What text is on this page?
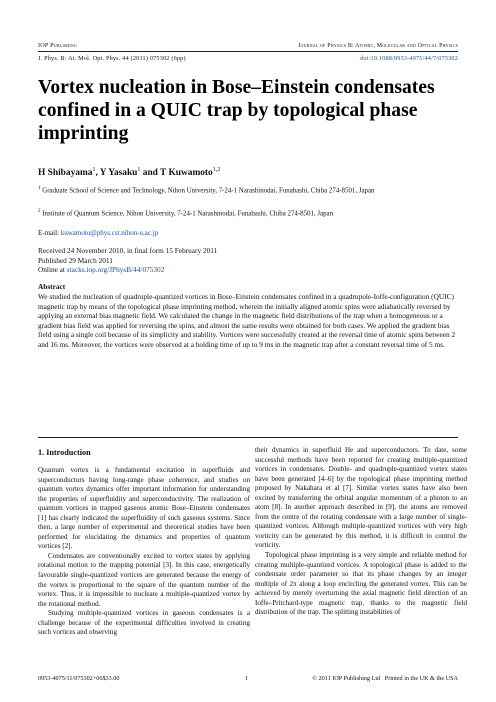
IOP Publishing	Journal of Physics B: Atomic, Molecular and Optical Physics
J. Phys. B: At. Mol. Opt. Phys. 44 (2011) 075302 (6pp)	doi:10.1088/0953-4075/44/7/075302
Vortex nucleation in Bose–Einstein condensates confined in a QUIC trap by topological phase imprinting
H Shibayama$^1$, Y Yasaku$^1$ and T Kuwamoto$^{1,2}$
$^1$ Graduate School of Science and Technology, Nihon University, 7-24-1 Narashinodai, Funabashi, Chiba 274-8501, Japan
$^2$ Institute of Quantum Science, Nihon University, 7-24-1 Narashinodai, Funabashi, Chiba 274-8501, Japan
E-mail: kuwamoto@phys.cst.nihon-u.ac.jp
Received 24 November 2010, in final form 15 February 2011
Published 29 March 2011
Online at stacks.iop.org/JPhysB/44/075302
Abstract
We studied the nucleation of quadruple-quantized vortices in Bose–Einstein condensates confined in a quadrupole-Ioffe-configuration (QUIC) magnetic trap by means of the topological phase imprinting method, wherein the initially aligned atomic spins were adiabatically reversed by applying an external bias magnetic field. We calculated the change in the magnetic field distributions of the trap when a homogeneous or a gradient bias field was applied for reversing the spins, and almost the same results were obtained for both cases. We applied the gradient bias field using a single coil because of its simplicity and stability. Vortices were successfully created at the reversal time of atomic spins between 2 and 16 ms. Moreover, the vortices were observed at a holding time of up to 9 ms in the magnetic trap after a constant reversal time of 5 ms.
1. Introduction

Quantum vortex is a fundamental excitation in superfluids and superconductors having long-range phase coherence, and studies on quantum vortex dynamics offer important information for understanding the properties of superfluidity and superconductivity. The realization of quantum vortices in trapped gaseous atomic Bose–Einstein condensates [1] has clearly indicated the superfluidity of such gaseous systems. Since then, a large number of experimental and theoretical studies have been performed for elucidating the dynamics and properties of quantum vortices [2].

Condensates are conventionally excited to vortex states by applying rotational motion to the trapping potential [3]. In this case, energetically favourable single-quantized vortices are generated because the energy of the vortex is proportional to the square of the quantum number of the vortex. Thus, it is impossible to nucleate a multiple-quantized vortex by the rotational method.

Studying multiple-quantized vortices in gaseous condensates is a challenge because of the experimental difficulties involved in creating such vortices and observing

their dynamics in superfluid He and superconductors. To date, some successful methods have been reported for creating multiple-quantized vortices in condensates. Double- and quadruple-quantized vortex states have been generated [4–6] by the topological phase imprinting method proposed by Nakahara et al [7]. Similar vortex states have also been excited by transferring the orbital angular momentum of a photon to an atom [8]. In another approach described in [9], the atoms are removed from the centre of the rotating condensate with a large number of single-quantized vortices. Although multiple-quantized vortices with very high vorticity can be generated by this method, it is difficult to control the vorticity.

Topological phase imprinting is a very simple and reliable method for creating multiple-quantized vortices. A topological phase is added to the condensate order parameter so that its phase changes by an integer multiple of 2π along a loop encircling the generated vortex. This can be achieved by merely overturning the axial magnetic field direction of an Ioffe–Pritchard-type magnetic trap, thanks to the magnetic field distribution of the trap. The splitting instabilities of

0953-4075/11/075302+06$33.00	1	© 2011 IOP Publishing Ltd   Printed in the UK & the USA
